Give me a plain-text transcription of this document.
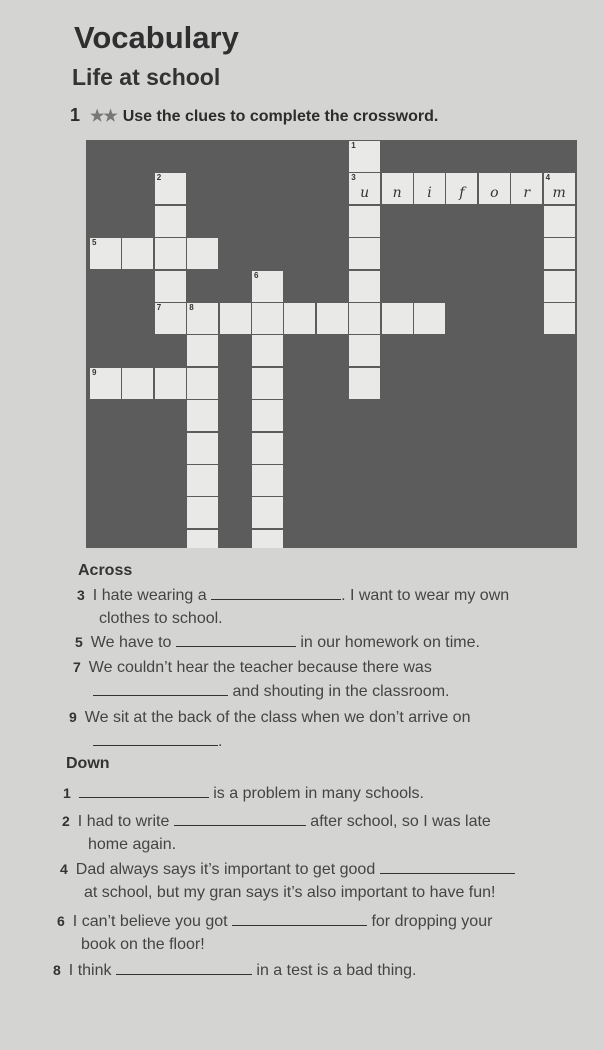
Vocabulary
Life at school
1 ★★ Use the clues to complete the crossword.
1
2	3
u	n	i	f	o	r
4
m
5
6
7	8
9
Across
3 I hate wearing a	. I want to wear my own
clothes to school.
5 We have to	in our homework on time.
7 We couldn’t hear the teacher because there was
and shouting in the classroom.
9 We sit at the back of the class when we don’t arrive on
.
Down
1	is a problem in many schools.
2 I had to write	after school, so I was late
home again.
4 Dad always says it’s important to get good
at school, but my gran says it’s also important to have fun!
6 I can’t believe you got	for dropping your
book on the floor!
8 I think	in a test is a bad thing.
